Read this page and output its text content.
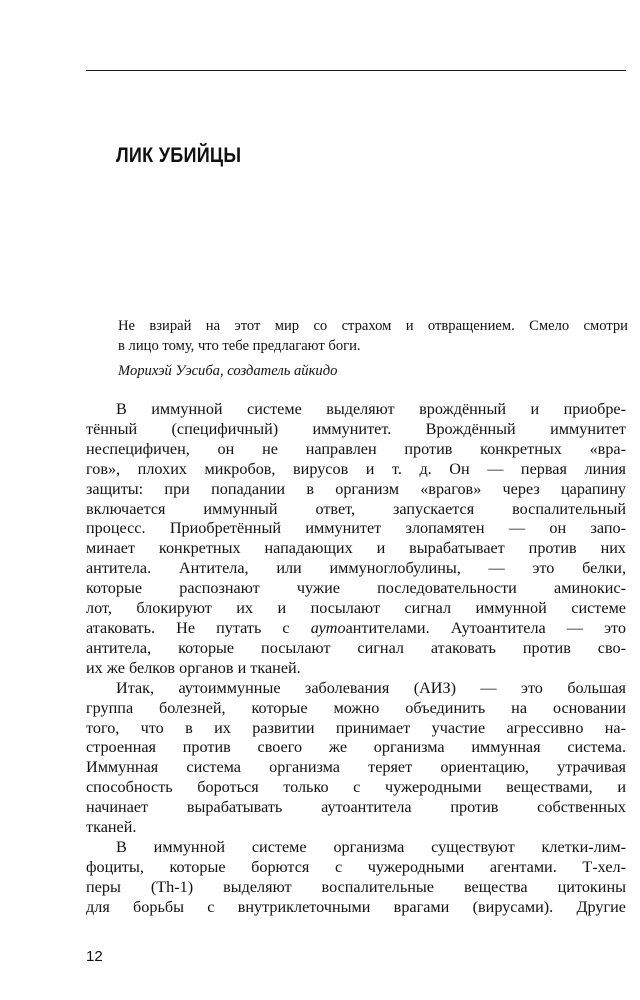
ЛИК УБИЙЦЫ

Не взирай на этот мир со страхом и отвращением. Смело смотри
в лицо тому, что тебе предлагают боги.

Морихэй Уэсиба, создатель айкидо

В иммунной системе выделяют врождённый и приобре-
тённый (специфичный) иммунитет. Врождённый иммунитет
неспецифичен, он не направлен против конкретных «вра-
гов», плохих микробов, вирусов и т. д. Он — первая линия
защиты: при попадании в организм «врагов» через царапину
включается иммунный ответ, запускается воспалительный
процесс. Приобретённый иммунитет злопамятен — он запо-
минает конкретных нападающих и вырабатывает против них
антитела. Антитела, или иммуноглобулины, — это белки,
которые распознают чужие последовательности аминокис-
лот, блокируют их и посылают сигнал иммунной системе
атаковать. Не путать с аутоантителами. Аутоантитела — это
антитела, которые посылают сигнал атаковать против сво-
их же белков органов и тканей.

Итак, аутоиммунные заболевания (АИЗ) — это большая
группа болезней, которые можно объединить на основании
того, что в их развитии принимает участие агрессивно на-
строенная против своего же организма иммунная система.
Иммунная система организма теряет ориентацию, утрачивая
способность бороться только с чужеродными веществами, и
начинает вырабатывать аутоантитела против собственных
тканей.

В иммунной системе организма существуют клетки-лим-
фоциты, которые борются с чужеродными агентами. Т-хел-
перы (Th-1) выделяют воспалительные вещества цитокины
для борьбы с внутриклеточными врагами (вирусами). Другие

12
